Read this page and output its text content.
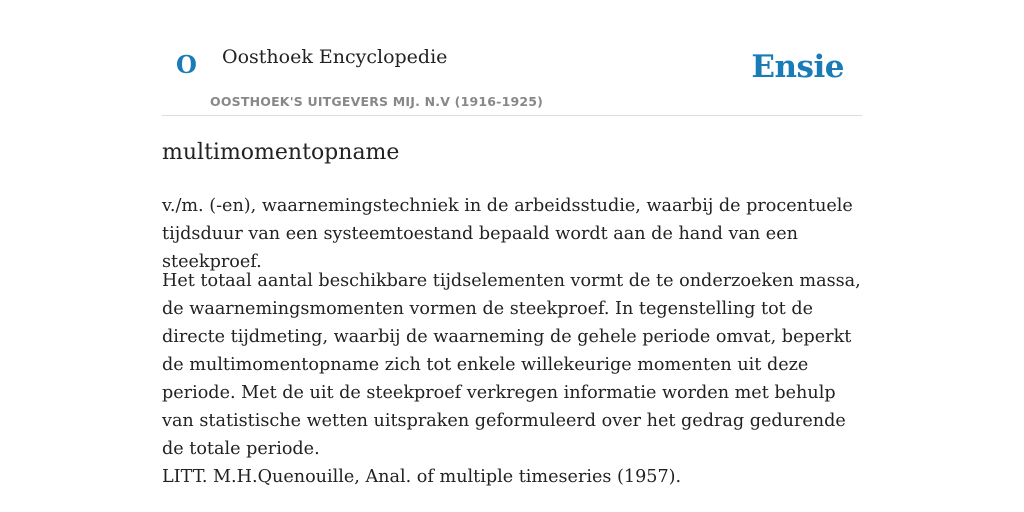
O Oosthoek Encyclopedie
OOSTHOEK'S UITGEVERS MIJ. N.V (1916-1925)
Ensie
multimomentopname

v./m. (-en), waarnemingstechniek in de arbeidsstudie, waarbij de procentuele tijdsduur van een systeemtoestand bepaald wordt aan de hand van een steekproef.

Het totaal aantal beschikbare tijdselementen vormt de te onderzoeken massa, de waarnemingsmomenten vormen de steekproef. In tegenstelling tot de directe tijdmeting, waarbij de waarneming de gehele periode omvat, beperkt de multimomentopname zich tot enkele willekeurige momenten uit deze periode. Met de uit de steekproef verkregen informatie worden met behulp van statistische wetten uitspraken geformuleerd over het gedrag gedurende de totale periode.

LITT. M.H.Quenouille, Anal. of multiple timeseries (1957).
